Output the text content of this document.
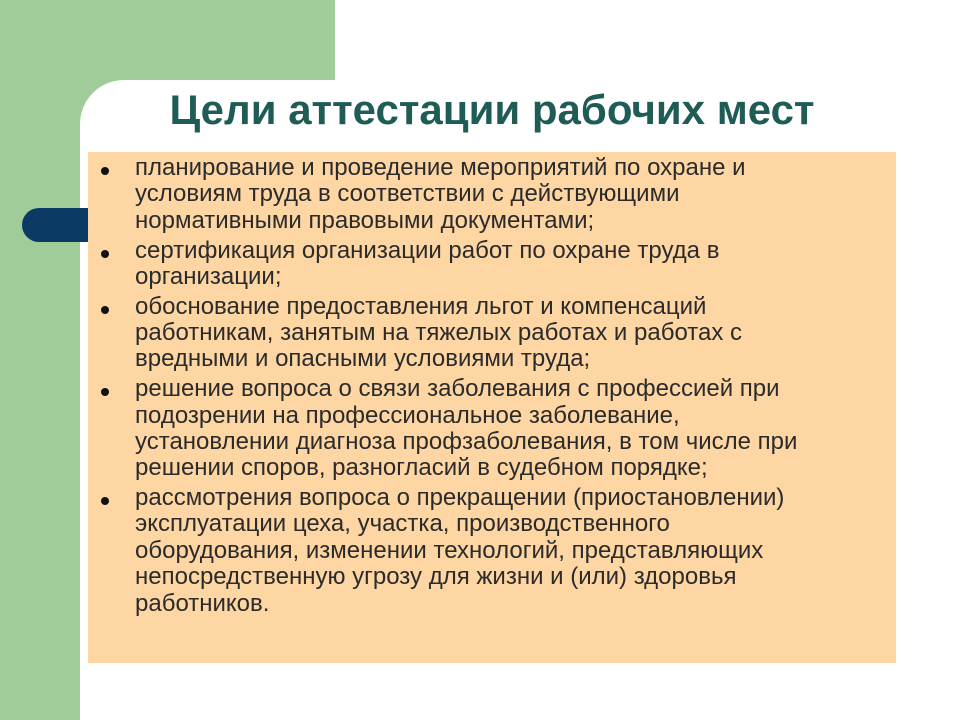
Цели аттестации рабочих мест
планирование и проведение мероприятий по охране и
условиям труда в соответствии с действующими
нормативными правовыми документами;
сертификация организации работ по охране труда в
организации;
обоснование предоставления льгот и компенсаций
работникам, занятым на тяжелых работах и работах с
вредными и опасными условиями труда;
решение вопроса о связи заболевания с профессией при
подозрении на профессиональное заболевание,
установлении диагноза профзаболевания, в том числе при
решении споров, разногласий в судебном порядке;
рассмотрения вопроса о прекращении (приостановлении)
эксплуатации цеха, участка, производственного
оборудования, изменении технологий, представляющих
непосредственную угрозу для жизни и (или) здоровья
работников.
